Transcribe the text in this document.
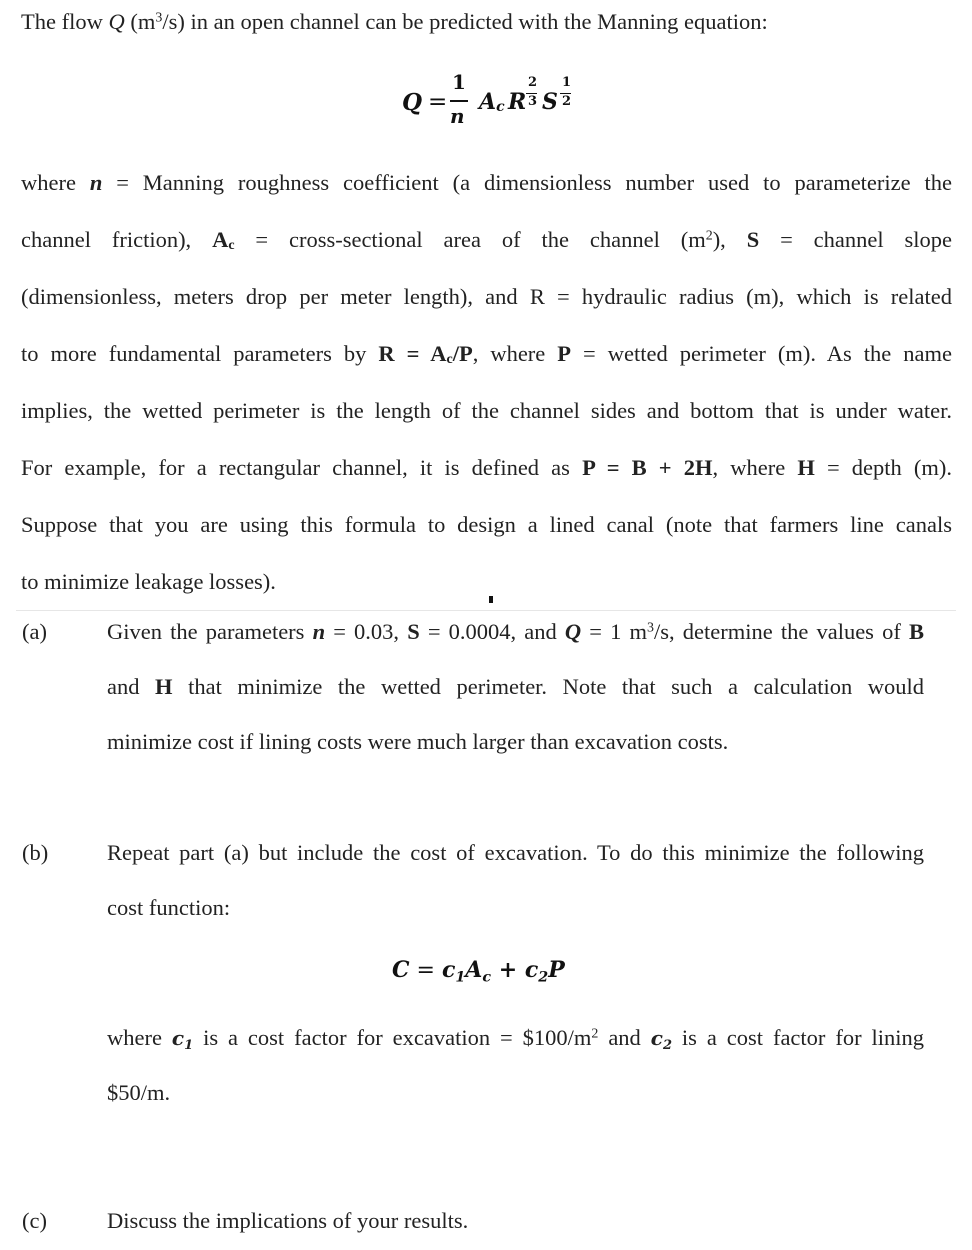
The flow Q $(m^3/s)$ in an open channel can be predicted with the Manning equation:
Q =
1
n
$A_c$ R
2
3 S
1
2
where n = Manning roughness coefficient (a dimensionless number used to parameterize the
channel friction), $A_c$ = cross-sectional area of the channel $(m^2)$, S = channel slope
(dimensionless, meters drop per meter length), and R = hydraulic radius (m), which is related
to more fundamental parameters by $R = A_c/P$, where P = wetted perimeter (m). As the name
implies, the wetted perimeter is the length of the channel sides and bottom that is under water.
For example, for a rectangular channel, it is defined as P = B + 2H, where H = depth (m).
Suppose that you are using this formula to design a lined canal (note that farmers line canals
to minimize leakage losses).
(a)	Given the parameters n = 0.03, S = 0.0004, and Q = 1 $m^3/s$, determine the values of B
and H that minimize the wetted perimeter. Note that such a calculation would
minimize cost if lining costs were much larger than excavation costs.
(b)	Repeat part (a) but include the cost of excavation. To do this minimize the following
cost function:
$C = c_1A_c + c_2P$
where $c_1$ is a cost factor for excavation = $\$100/m^2$ and $c_2$ is a cost factor for lining
$50/m.
(c)	Discuss the implications of your results.
